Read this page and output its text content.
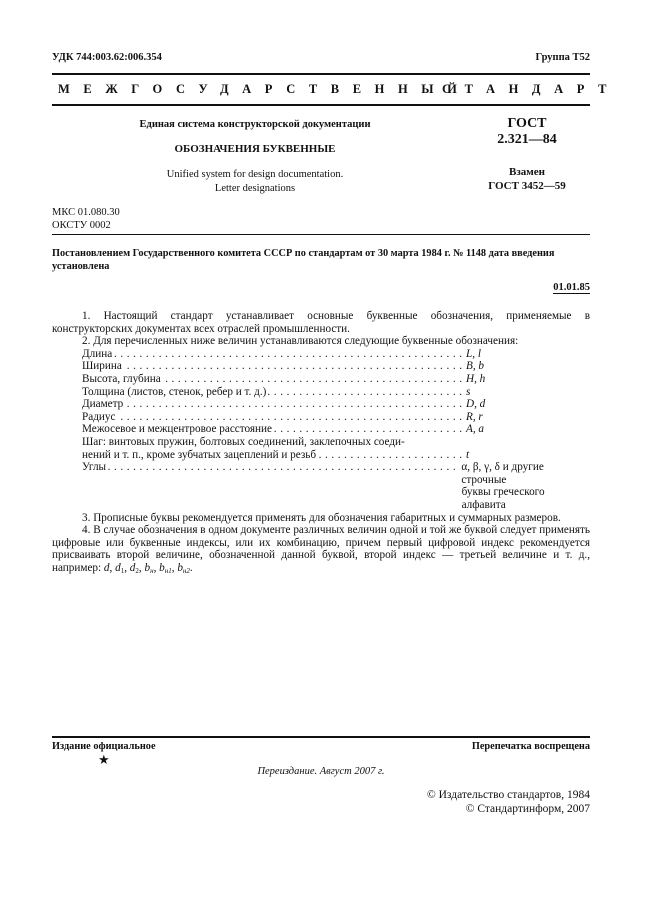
УДК 744:003.62:006.354	Группа Т52
МЕЖГОСУДАРСТВЕННЫЙ
СТАНДАРТ
Единая система конструкторской документации
ОБОЗНАЧЕНИЯ БУКВЕННЫЕ
Unified system for design documentation.
Letter designations
ГОСТ
2.321—84
Взамен
ГОСТ 3452—59
МКС 01.080.30
ОКСТУ 0002
Постановлением Государственного комитета СССР по стандартам от 30 марта 1984 г. № 1148 дата введения установлена
01.01.85

1. Настоящий стандарт устанавливает основные буквенные обозначения, применяемые в конструкторских документах всех отраслей промышленности.

2. Для перечисленных ниже величин устанавливаются следующие буквенные обозначения:

Длина . . .	L, l
Ширина . . .	B, b
Высота, глубина . . .	H, h
Толщина (листов, стенок, ребер и т. д.) . . .	s
Диаметр . . .	D, d
Радиус . . .	R, r
Межосевое и межцентровое расстояние . . .	A, a
Шаг: винтовых пружин, болтовых соединений, заклепочных соеди-
нений и т. п., кроме зубчатых зацеплений и резьб . . .	t
Углы . . .	α, β, γ, δ и другие строчные
буквы греческого алфавита

3. Прописные буквы рекомендуется применять для обозначения габаритных и суммарных размеров.

4. В случае обозначения в одном документе различных величин одной и той же буквой следует применять цифровые или буквенные индексы, или их комбинацию, причем первый цифровой индекс рекомендуется присваивать второй величине, обозначенной данной буквой, второй индекс — третьей величине и т. д., например: d, $d_1$, $d_2$, $b_н$, $b_{н1}$, $b_{н2}$.

Издание официальное
★
Перепечатка воспрещена
Переиздание. Август 2007 г.
© Издательство стандартов, 1984
© Стандартинформ, 2007
